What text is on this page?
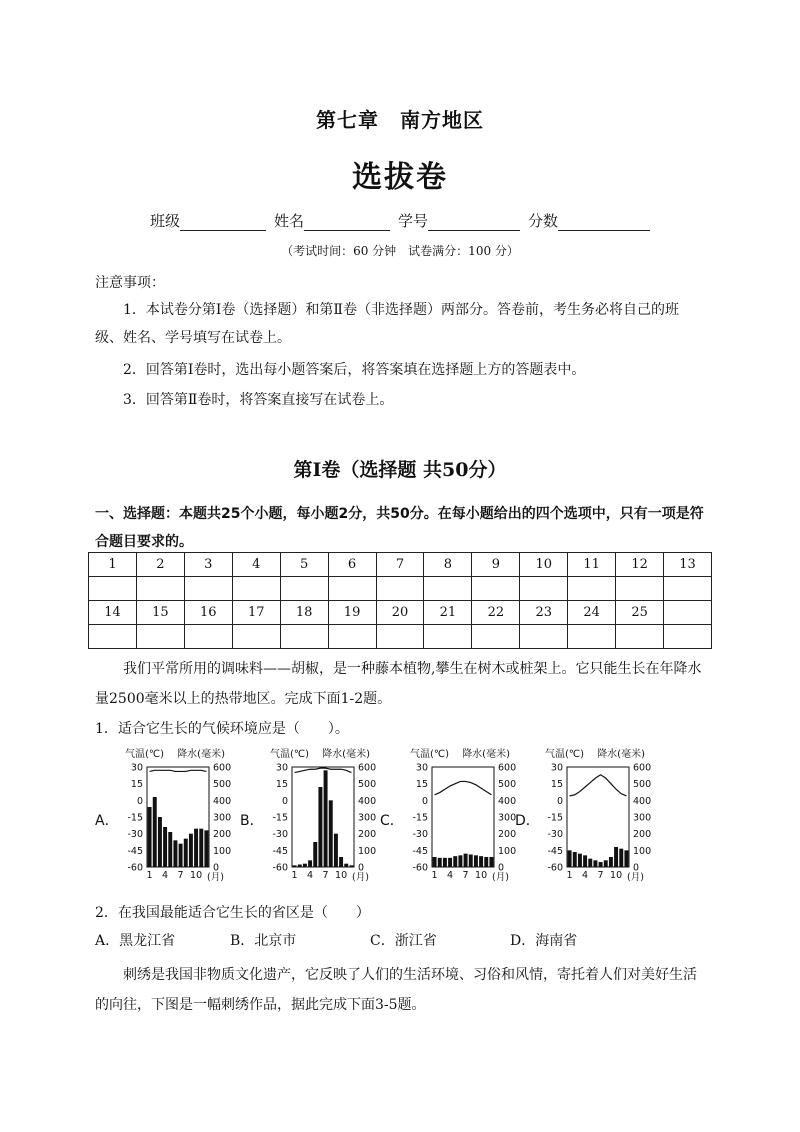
第七章　南方地区
选拔卷
班级	姓名	学号	分数
（考试时间：60 分钟　试卷满分：100 分）
注意事项：
1．本试卷分第Ⅰ卷（选择题）和第Ⅱ卷（非选择题）两部分。答卷前，考生务必将自己的班级、姓名、学号填写在试卷上。
2．回答第Ⅰ卷时，选出每小题答案后，将答案填在选择题上方的答题表中。
3．回答第Ⅱ卷时，将答案直接写在试卷上。
第Ⅰ卷（选择题 共50分）
一、选择题：本题共25个小题，每小题2分，共50分。在每小题给出的四个选项中，只有一项是符合题目要求的。
1	2	3	4	5	6	7	8	9	10	11	12	13

14	15	16	17	18	19	20	21	22	23	24	25	

我们平常所用的调味料——胡椒，是一种藤本植物,攀生在树木或桩架上。它只能生长在年降水量2500毫米以上的热带地区。完成下面1-2题。
1．适合它生长的气候环境应是（　　）。
A．
气温(℃) 降水(毫米)
30	600
15	500
0	400
-15	300
-30	200
-45	100
-60	0
1 4 7 10 (月)
B．
气温(℃) 降水(毫米)
30	600
15	500
0	400
-15	300
-30	200
-45	100
-60	0
1 4 7 10 (月)
C．
气温(℃) 降水(毫米)
30	600
15	500
0	400
-15	300
-30	200
-45	100
-60	0
1 4 7 10 (月)
D．
气温(℃) 降水(毫米)
30	600
15	500
0	400
-15	300
-30	200
-45	100
-60	0
1 4 7 10 (月)
2．在我国最能适合它生长的省区是（　　）
A．黑龙江省	B．北京市	C．浙江省	D．海南省
刺绣是我国非物质文化遗产，它反映了人们的生活环境、习俗和风情，寄托着人们对美好生活的向往，下图是一幅刺绣作品，据此完成下面3-5题。
